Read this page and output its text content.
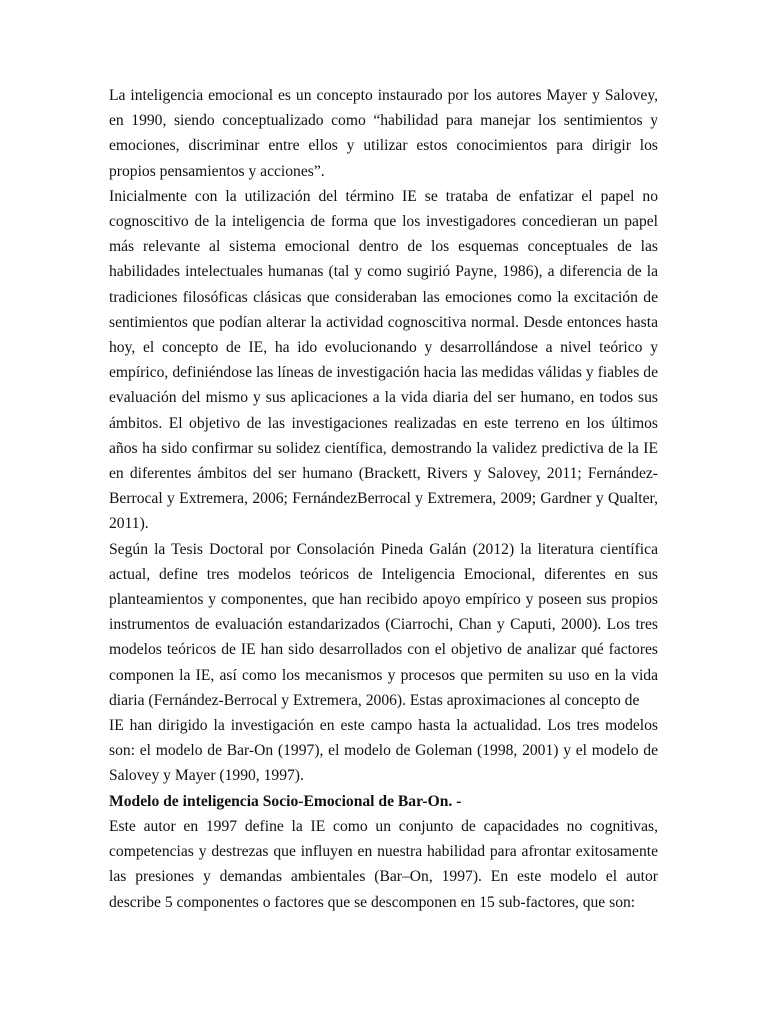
La inteligencia emocional es un concepto instaurado por los autores Mayer y Salovey, en 1990, siendo conceptualizado como “habilidad para manejar los sentimientos y emociones, discriminar entre ellos y utilizar estos conocimientos para dirigir los propios pensamientos y acciones”.

Inicialmente con la utilización del término IE se trataba de enfatizar el papel no cognoscitivo de la inteligencia de forma que los investigadores concedieran un papel más relevante al sistema emocional dentro de los esquemas conceptuales de las habilidades intelectuales humanas (tal y como sugirió Payne, 1986), a diferencia de la tradiciones filosóficas clásicas que consideraban las emociones como la excitación de sentimientos que podían alterar la actividad cognoscitiva normal. Desde entonces hasta hoy, el concepto de IE, ha ido evolucionando y desarrollándose a nivel teórico y empírico, definiéndose las líneas de investigación hacia las medidas válidas y fiables de evaluación del mismo y sus aplicaciones a la vida diaria del ser humano, en todos sus ámbitos. El objetivo de las investigaciones realizadas en este terreno en los últimos años ha sido confirmar su solidez científica, demostrando la validez predictiva de la IE en diferentes ámbitos del ser humano (Brackett, Rivers y Salovey, 2011; Fernández-Berrocal y Extremera, 2006; FernándezBerrocal y Extremera, 2009; Gardner y Qualter, 2011).

Según la Tesis Doctoral por Consolación Pineda Galán (2012) la literatura científica actual, define tres modelos teóricos de Inteligencia Emocional, diferentes en sus planteamientos y componentes, que han recibido apoyo empírico y poseen sus propios instrumentos de evaluación estandarizados (Ciarrochi, Chan y Caputi, 2000). Los tres modelos teóricos de IE han sido desarrollados con el objetivo de analizar qué factores componen la IE, así como los mecanismos y procesos que permiten su uso en la vida diaria (Fernández-Berrocal y Extremera, 2006). Estas aproximaciones al concepto de

IE han dirigido la investigación en este campo hasta la actualidad. Los tres modelos son: el modelo de Bar-On (1997), el modelo de Goleman (1998, 2001) y el modelo de Salovey y Mayer (1990, 1997).

Modelo de inteligencia Socio-Emocional de Bar-On. -

Este autor en 1997 define la IE como un conjunto de capacidades no cognitivas, competencias y destrezas que influyen en nuestra habilidad para afrontar exitosamente las presiones y demandas ambientales (Bar–On, 1997). En este modelo el autor describe 5 componentes o factores que se descomponen en 15 sub-factores, que son:
